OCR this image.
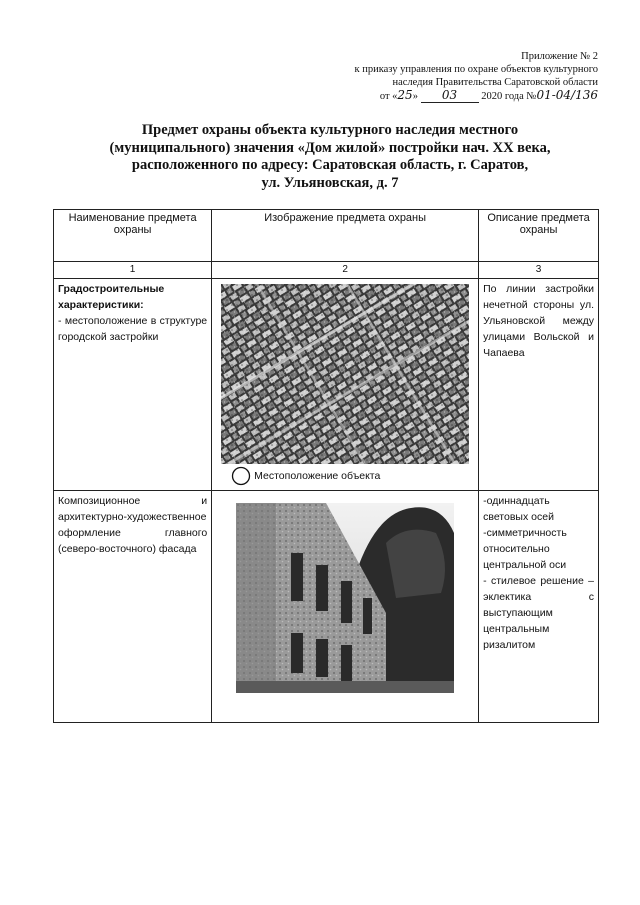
Приложение № 2
к приказу управления по охране объектов культурного
наследия Правительства Саратовской области
от «25» 03 2020 года №01-04/136
Предмет охраны объекта культурного наследия местного
(муниципального) значения «Дом жилой» постройки нач. XX века,
расположенного по адресу: Саратовская область, г. Саратов,
ул. Ульяновская, д. 7
Наименование предмета охраны	Изображение предмета охраны	Описание предмета охраны
1	2	3

Градостроительные характеристики:
- местоположение в структуре городской застройки	Местоположение объекта	По линии застройки нечетной стороны ул. Ульяновской между улицами Вольской и Чапаева
Композиционное и архитектурно-художественное оформление главного (северо-восточного) фасада		-одиннадцать световых осей
-симметричность относительно центральной оси
- стилевое решение – эклектика с выступающим центральным ризалитом
